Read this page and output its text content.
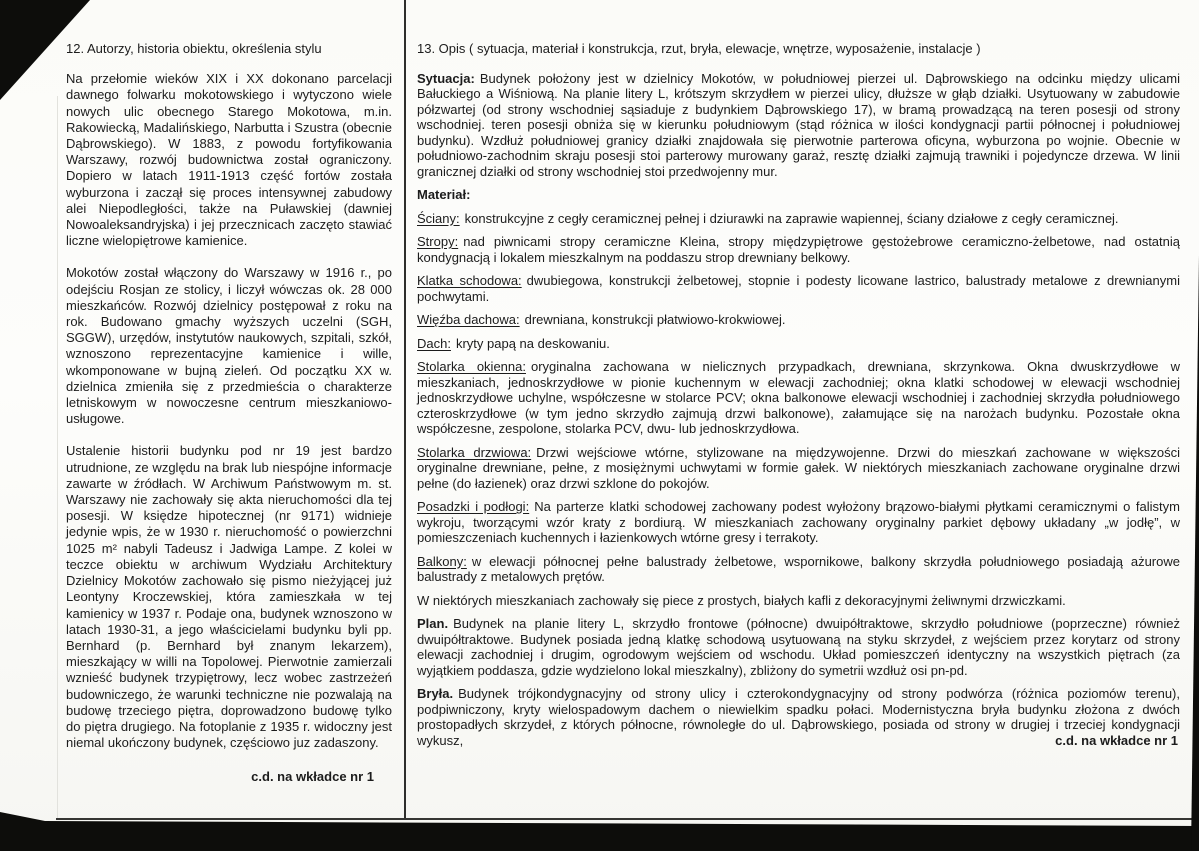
12. Autorzy, historia obiektu, określenia stylu

Na przełomie wieków XIX i XX dokonano parcelacji dawnego folwarku mokotowskiego i wytyczono wiele nowych ulic obecnego Starego Mokotowa, m.in. Rakowiecką, Madalińskiego, Narbutta i Szustra (obecnie Dąbrowskiego). W 1883, z powodu fortyfikowania Warszawy, rozwój budownictwa został ograniczony. Dopiero w latach 1911-1913 część fortów została wyburzona i zaczął się proces intensywnej zabudowy alei Niepodległości, także na Puławskiej (dawniej Nowoaleksandryjska) i jej przecznicach zaczęto stawiać liczne wielopiętrowe kamienice.

Mokotów został włączony do Warszawy w 1916 r., po odejściu Rosjan ze stolicy, i liczył wówczas ok. 28 000 mieszkańców. Rozwój dzielnicy postępował z roku na rok. Budowano gmachy wyższych uczelni (SGH, SGGW), urzędów, instytutów naukowych, szpitali, szkół, wznoszono reprezentacyjne kamienice i wille, wkomponowane w bujną zieleń. Od początku XX w. dzielnica zmieniła się z przedmieścia o charakterze letniskowym w nowoczesne centrum mieszkaniowo-usługowe.

Ustalenie historii budynku pod nr 19 jest bardzo utrudnione, ze względu na brak lub niespójne informacje zawarte w źródłach. W Archiwum Państwowym m. st. Warszawy nie zachowały się akta nieruchomości dla tej posesji. W księdze hipotecznej (nr 9171) widnieje jedynie wpis, że w 1930 r. nieruchomość o powierzchni 1025 m² nabyli Tadeusz i Jadwiga Lampe. Z kolei w teczce obiektu w archiwum Wydziału Architektury Dzielnicy Mokotów zachowało się pismo nieżyjącej już Leontyny Kroczewskiej, która zamieszkała w tej kamienicy w 1937 r. Podaje ona, budynek wznoszono w latach 1930-31, a jego właścicielami budynku byli pp. Bernhard (p. Bernhard był znanym lekarzem), mieszkający w willi na Topolowej. Pierwotnie zamierzali wznieść budynek trzypiętrowy, lecz wobec zastrzeżeń budowniczego, że warunki techniczne nie pozwalają na budowę trzeciego piętra, doprowadzono budowę tylko do piętra drugiego. Na fotoplanie z 1935 r. widoczny jest niemal ukończony budynek, częściowo juz zadaszony.

c.d. na wkładce nr 1
13. Opis ( sytuacja, materiał i konstrukcja, rzut, bryła, elewacje, wnętrze, wyposażenie, instalacje )

Sytuacja: Budynek położony jest w dzielnicy Mokotów, w południowej pierzei ul. Dąbrowskiego na odcinku między ulicami Bałuckiego a Wiśniową. Na planie litery L, krótszym skrzydłem w pierzei ulicy, dłuższe w głąb działki. Usytuowany w zabudowie półzwartej (od strony wschodniej sąsiaduje z budynkiem Dąbrowskiego 17), w bramą prowadzącą na teren posesji od strony wschodniej. teren posesji obniża się w kierunku południowym (stąd różnica w ilości kondygnacji partii północnej i południowej budynku). Wzdłuż południowej granicy działki znajdowała się pierwotnie parterowa oficyna, wyburzona po wojnie. Obecnie w południowo-zachodnim skraju posesji stoi parterowy murowany garaż, resztę działki zajmują trawniki i pojedyncze drzewa. W linii granicznej działki od strony wschodniej stoi przedwojenny mur.

Materiał:

Ściany: konstrukcyjne z cegły ceramicznej pełnej i dziurawki na zaprawie wapiennej, ściany działowe z cegły ceramicznej.

Stropy: nad piwnicami stropy ceramiczne Kleina, stropy międzypiętrowe gęstożebrowe ceramiczno-żelbetowe, nad ostatnią kondygnacją i lokalem mieszkalnym na poddaszu strop drewniany belkowy.

Klatka schodowa: dwubiegowa, konstrukcji żelbetowej, stopnie i podesty licowane lastrico, balustrady metalowe z drewnianymi pochwytami.

Więźba dachowa: drewniana, konstrukcji płatwiowo-krokwiowej.

Dach: kryty papą na deskowaniu.

Stolarka okienna: oryginalna zachowana w nielicznych przypadkach, drewniana, skrzynkowa. Okna dwuskrzydłowe w mieszkaniach, jednoskrzydłowe w pionie kuchennym w elewacji zachodniej; okna klatki schodowej w elewacji wschodniej jednoskrzydłowe uchylne, współczesne w stolarce PCV; okna balkonowe elewacji wschodniej i zachodniej skrzydła południowego czteroskrzydłowe (w tym jedno skrzydło zajmują drzwi balkonowe), załamujące się na narożach budynku. Pozostałe okna współczesne, zespolone, stolarka PCV, dwu- lub jednoskrzydłowa.

Stolarka drzwiowa: Drzwi wejściowe wtórne, stylizowane na międzywojenne. Drzwi do mieszkań zachowane w większości oryginalne drewniane, pełne, z mosiężnymi uchwytami w formie gałek. W niektórych mieszkaniach zachowane oryginalne drzwi pełne (do łazienek) oraz drzwi szklone do pokojów.

Posadzki i podłogi: Na parterze klatki schodowej zachowany podest wyłożony brązowo-białymi płytkami ceramicznymi o falistym wykroju, tworzącymi wzór kraty z bordiurą. W mieszkaniach zachowany oryginalny parkiet dębowy układany „w jodłę”, w pomieszczeniach kuchennych i łazienkowych wtórne gresy i terrakoty.

Balkony: w elewacji północnej pełne balustrady żelbetowe, wspornikowe, balkony skrzydła południowego posiadają ażurowe balustrady z metalowych prętów.

W niektórych mieszkaniach zachowały się piece z prostych, białych kafli z dekoracyjnymi żeliwnymi drzwiczkami.

Plan. Budynek na planie litery L, skrzydło frontowe (północne) dwuipółtraktowe, skrzydło południowe (poprzeczne) również dwuipółtraktowe. Budynek posiada jedną klatkę schodową usytuowaną na styku skrzydeł, z wejściem przez korytarz od strony elewacji zachodniej i drugim, ogrodowym wejściem od wschodu. Układ pomieszczeń identyczny na wszystkich piętrach (za wyjątkiem poddasza, gdzie wydzielono lokal mieszkalny), zbliżony do symetrii wzdłuż osi pn-pd.

Bryła. Budynek trójkondygnacyjny od strony ulicy i czterokondygnacyjny od strony podwórza (różnica poziomów terenu), podpiwniczony, kryty wielospadowym dachem o niewielkim spadku połaci. Modernistyczna bryła budynku złożona z dwóch prostopadłych skrzydeł, z których północne, równoległe do ul. Dąbrowskiego, posiada od strony w drugiej i trzeciej kondygnacji wykusz,	c.d. na wkładce nr 1
